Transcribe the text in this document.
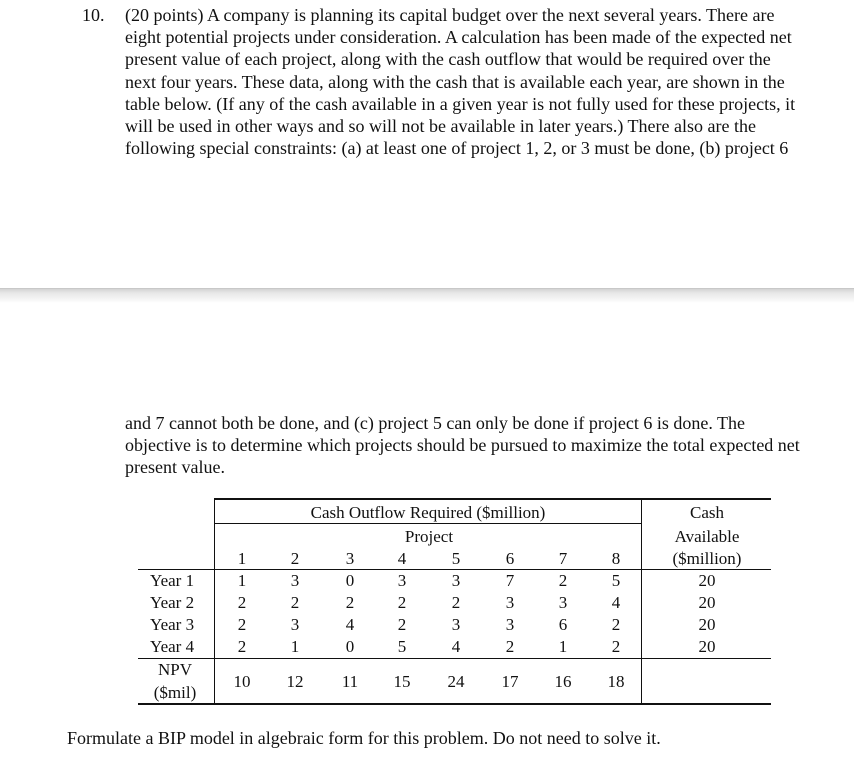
10.	(20 points) A company is planning its capital budget over the next several years. There are
eight potential projects under consideration. A calculation has been made of the expected net
present value of each project, along with the cash outflow that would be required over the
next four years. These data, along with the cash that is available each year, are shown in the
table below. (If any of the cash available in a given year is not fully used for these projects, it
will be used in other ways and so will not be available in later years.) There also are the
following special constraints: (a) at least one of project 1, 2, or 3 must be done, (b) project 6
and 7 cannot both be done, and (c) project 5 can only be done if project 6 is done. The
objective is to determine which projects should be pursued to maximize the total expected net
present value.
Cash Outflow Required ($million)
Project
Cash
Available
($million)
1	2	3	4	5	6	7	8
Year 1	1	3	0	3	3	7	2	5	20
Year 2	2	2	2	2	2	3	3	4	20
Year 3	2	3	4	2	3	3	6	2	20
Year 4	2	1	0	5	4	2	1	2	20
NPV
($mil)
10 12 11 15 24 17 16 18
Formulate a BIP model in algebraic form for this problem. Do not need to solve it.
